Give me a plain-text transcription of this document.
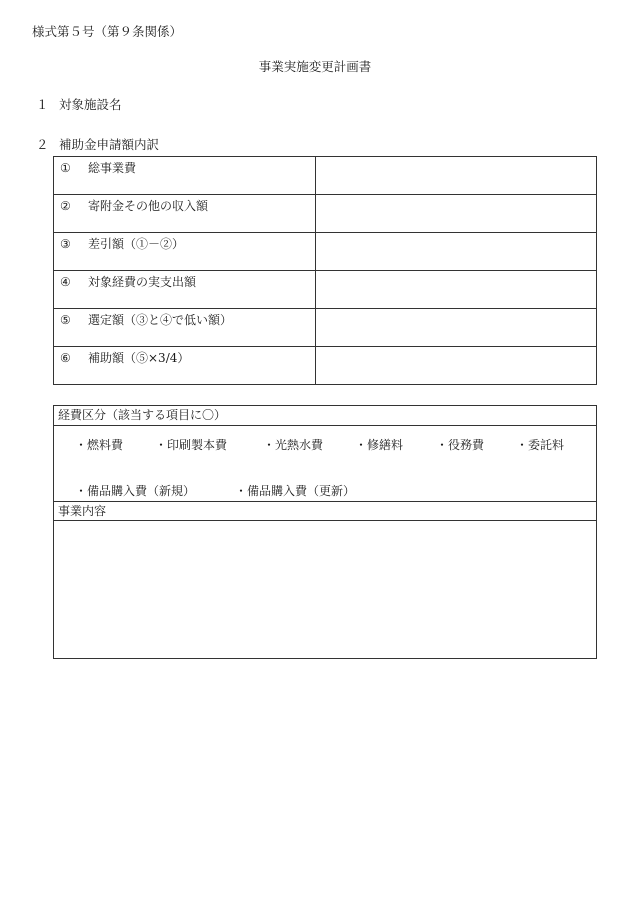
様式第５号（第９条関係）
事業実施変更計画書
１ 対象施設名
２ 補助金申請額内訳
① 総事業費	

② 寄附金その他の収入額	

③ 差引額（①－②）	

④ 対象経費の実支出額	

⑤ 選定額（③と④で低い額）	

⑥ 補助額（⑤×3/4）	

経費区分（該当する項目に〇）
・燃料費	・印刷製本費	・光熱水費	・修繕料	・役務費	・委託料
・備品購入費（新規）	・備品購入費（更新）
事業内容
